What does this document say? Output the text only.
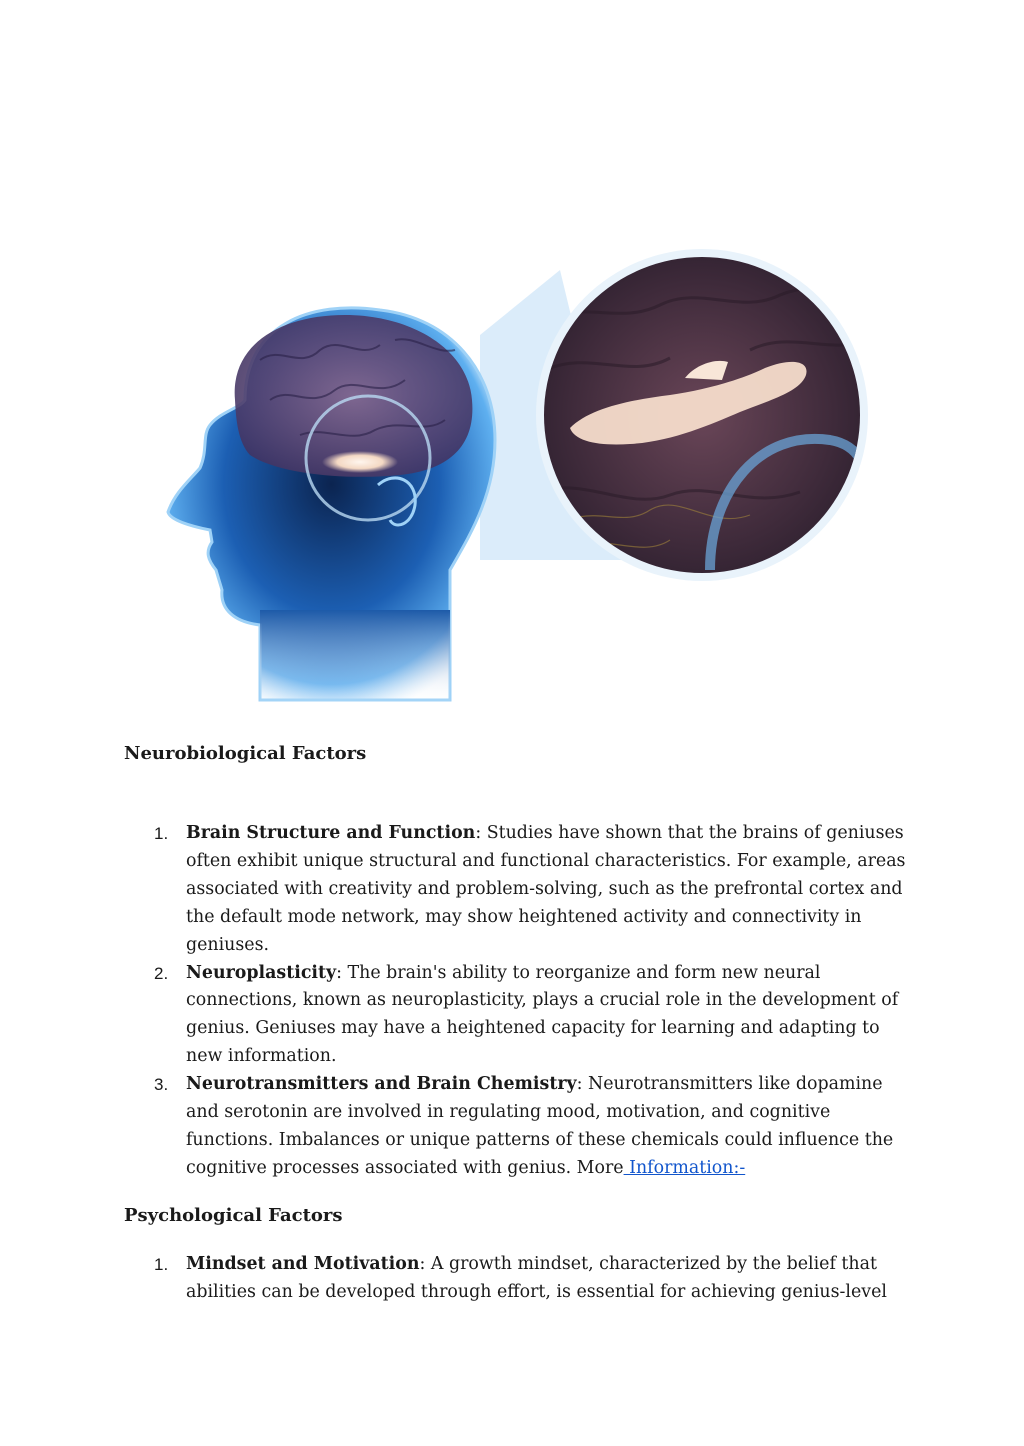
Neurobiological Factors
1. Brain Structure and Function: Studies have shown that the brains of geniuses often exhibit unique structural and functional characteristics. For example, areas associated with creativity and problem-solving, such as the prefrontal cortex and the default mode network, may show heightened activity and connectivity in geniuses.
2. Neuroplasticity: The brain's ability to reorganize and form new neural connections, known as neuroplasticity, plays a crucial role in the development of genius. Geniuses may have a heightened capacity for learning and adapting to new information.
3. Neurotransmitters and Brain Chemistry: Neurotransmitters like dopamine and serotonin are involved in regulating mood, motivation, and cognitive functions. Imbalances or unique patterns of these chemicals could influence the cognitive processes associated with genius. More Information:-
Psychological Factors
1. Mindset and Motivation: A growth mindset, characterized by the belief that abilities can be developed through effort, is essential for achieving genius-level
